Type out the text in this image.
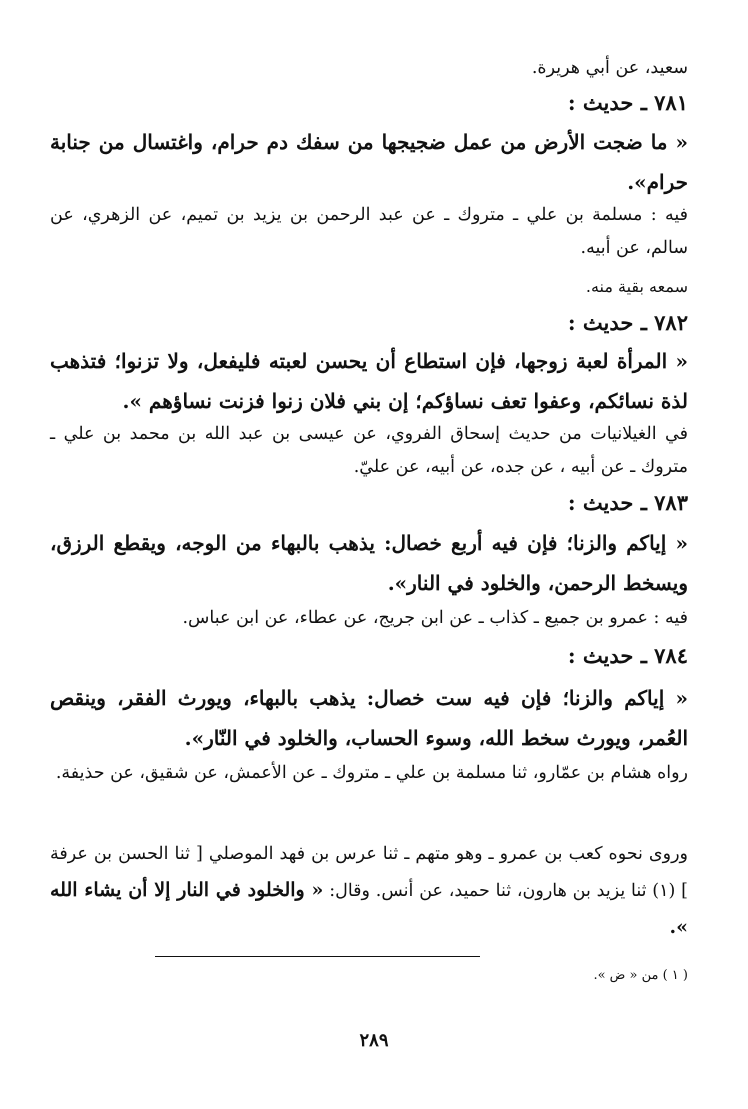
سعيد، عن أبي هريرة.
٧٨١ ـ حديث :
« ما ضجت الأرض من عمل ضجيجها من سفك دم حرام، واغتسال من جنابة حرام».
فيه : مسلمة بن علي ـ متروك ـ عن عبد الرحمن بن يزيد بن تميم، عن الزهري، عن سالم، عن أبيه.
سمعه بقية منه.
٧٨٢ ـ حديث :
« المرأة لعبة زوجها، فإن استطاع أن يحسن لعبته فليفعل، ولا تزنوا؛ فتذهب لذة نسائكم، وعفوا تعف نساؤكم؛ إن بني فلان زنوا فزنت نساؤهم ».
في الغيلانيات من حديث إسحاق الفروي، عن عيسى بن عبد الله بن محمد بن علي ـ متروك ـ عن أبيه ، عن جده، عن أبيه، عن عليّ.
٧٨٣ ـ حديث :
« إياكم والزنا؛ فإن فيه أربع خصال: يذهب بالبهاء من الوجه، ويقطع الرزق، ويسخط الرحمن، والخلود في النار».
فيه : عمرو بن جميع ـ كذاب ـ عن ابن جريج، عن عطاء، عن ابن عباس.
٧٨٤ ـ حديث :
« إياكم والزنا؛ فإن فيه ست خصال: يذهب بالبهاء، ويورث الفقر، وينقص العُمر، ويورث سخط الله، وسوء الحساب، والخلود في النّار».
رواه هشام بن عمّارو، ثنا مسلمة بن علي ـ متروك ـ عن الأعمش، عن شقيق، عن حذيفة.
وروى نحوه كعب بن عمرو ـ وهو متهم ـ ثنا عرس بن فهد الموصلي [ ثنا الحسن بن عرفة ] (١) ثنا يزيد بن هارون، ثنا حميد، عن أنس. وقال: « والخلود في النار إلا أن يشاء الله ».
( ١ ) من « ض ».
٢٨٩
